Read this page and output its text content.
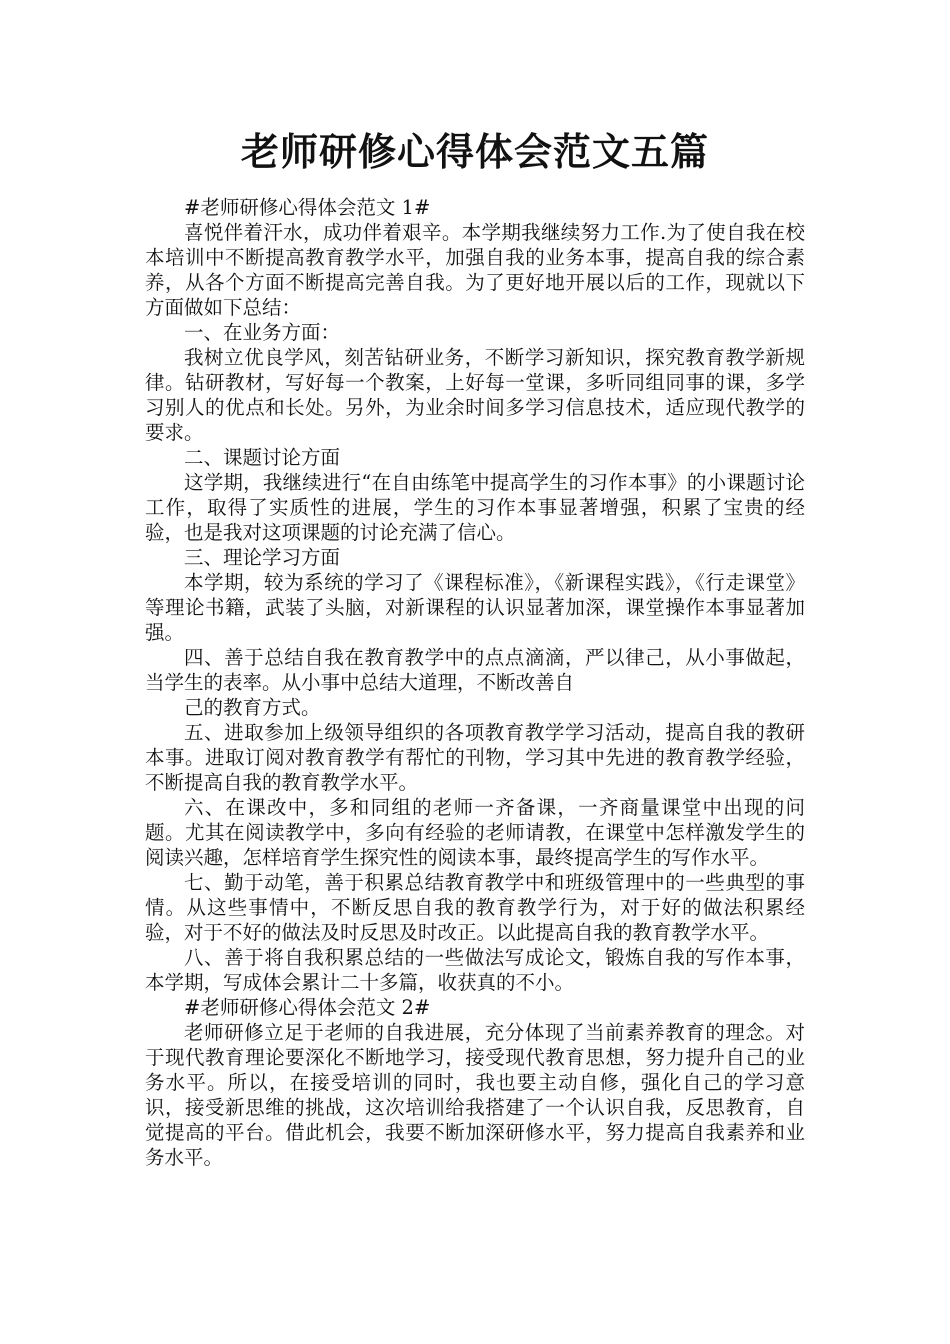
老师研修心得体会范文五篇

#老师研修心得体会范文 1#

喜悦伴着汗水，成功伴着艰辛。本学期我继续努力工作.为了使自我在校本培训中不断提高教育教学水平，加强自我的业务本事，提高自我的综合素养，从各个方面不断提高完善自我。为了更好地开展以后的工作，现就以下方面做如下总结：

一、在业务方面：

我树立优良学风，刻苦钻研业务，不断学习新知识，探究教育教学新规律。钻研教材，写好每一个教案，上好每一堂课，多听同组同事的课，多学习别人的优点和长处。另外，为业余时间多学习信息技术，适应现代教学的要求。

二、课题讨论方面

这学期，我继续进行“在自由练笔中提高学生的习作本事》的小课题讨论工作，取得了实质性的进展，学生的习作本事显著增强，积累了宝贵的经验，也是我对这项课题的讨论充满了信心。

三、理论学习方面

本学期，较为系统的学习了《课程标准》，《新课程实践》，《行走课堂》等理论书籍，武装了头脑，对新课程的认识显著加深，课堂操作本事显著加强。

四、善于总结自我在教育教学中的点点滴滴，严以律己，从小事做起，当学生的表率。从小事中总结大道理，不断改善自

己的教育方式。

五、进取参加上级领导组织的各项教育教学学习活动，提高自我的教研本事。进取订阅对教育教学有帮忙的刊物，学习其中先进的教育教学经验，不断提高自我的教育教学水平。

六、在课改中，多和同组的老师一齐备课，一齐商量课堂中出现的问题。尤其在阅读教学中，多向有经验的老师请教，在课堂中怎样激发学生的阅读兴趣，怎样培育学生探究性的阅读本事，最终提高学生的写作水平。

七、勤于动笔，善于积累总结教育教学中和班级管理中的一些典型的事情。从这些事情中，不断反思自我的教育教学行为，对于好的做法积累经验，对于不好的做法及时反思及时改正。以此提高自我的教育教学水平。

八、善于将自我积累总结的一些做法写成论文，锻炼自我的写作本事，本学期，写成体会累计二十多篇，收获真的不小。

#老师研修心得体会范文 2#

老师研修立足于老师的自我进展，充分体现了当前素养教育的理念。对于现代教育理论要深化不断地学习，接受现代教育思想，努力提升自己的业务水平。所以，在接受培训的同时，我也要主动自修，强化自己的学习意识，接受新思维的挑战，这次培训给我搭建了一个认识自我，反思教育，自觉提高的平台。借此机会，我要不断加深研修水平，努力提高自我素养和业务水平。
